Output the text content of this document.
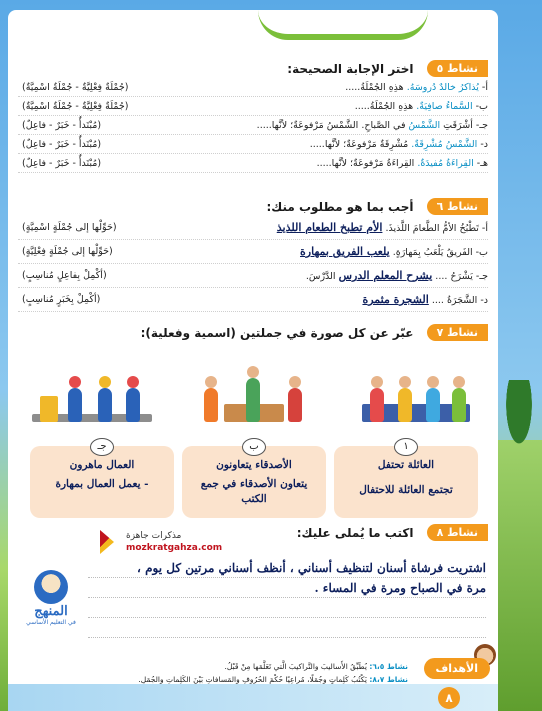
نشاط ٥ اختر الإجابة الصحيحة:
أ- يُذاكرُ خالدٌ دُروسَهُ. هذِهِ الجُمْلَةُ.....
(جُمْلَةٌ فِعْلِيَّةٌ - جُمْلَةٌ اسْمِيَّةٌ)
ب- السَّماءُ صافِيَةٌ. هذِهِ الجُمْلَةُ.....
(جُمْلَةٌ فِعْلِيَّةٌ - جُمْلَةٌ اسْمِيَّةٌ)
جـ- أشْرَقَتِ الشَّمْسُ في الصَّباحِ. الشَّمْسُ مَرْفوعَةٌ؛ لأنَّها.....
(مُبْتَدأٌ - خَبَرٌ - فاعِلٌ)
د- الشَّمْسُ مُشْرِقَةٌ. مُشْرِقَةٌ مَرْفوعَةٌ؛ لأنَّها.....
(مُبْتَدأٌ - خَبَرٌ - فاعِلٌ)
هـ- القِراءَةُ مُفيدَةٌ. القِراءَةُ مَرْفوعَةٌ؛ لأنَّها.....
(مُبْتَدأٌ - خَبَرٌ - فاعِلٌ)
نشاط ٦ أجب بما هو مطلوب منك:
أ- تَطْبُخُ الأمُّ الطَّعامَ اللَّذيذَ. الأم تطبخ الطعام اللذيذ
(حَوِّلْها إلى جُمْلَةٍ اسْمِيَّةٍ)
ب- الفَريقُ يَلْعَبُ بِمَهارَةٍ. يلعب الفريق بمهارة
(حَوِّلْها إلى جُمْلَةٍ فِعْلِيَّةٍ)
جـ- يَشْرَحُ .... يشرح المعلم الدرس الدَّرْسَ.
(أكْمِلْ بِفاعِلٍ مُناسِبٍ)
د- الشَّجَرَةُ .... الشجرة مثمرة
(أكْمِلْ بِخَبَرٍ مُناسِبٍ)
نشاط ٧ عبّر عن كل صورة في جملتين (اسمية وفعلية):
١
العائلة تحتفل
تجتمع العائلة للاحتفال
ب
الأصدقاء يتعاونون
يتعاون الأصدقاء في جمع الكتب
جـ
العمال ماهرون
- يعمل العمال بمهارة
نشاط ٨ اكتب ما يُملى عليك:
مذكرات جاهزة
mozkratgahza.com
المنهج
في التعليم الأساسي
اشتريت فرشاة أسنان لتنظيف أسناني ، أنظف أسناني مرتين كل يوم ،
مرة في الصباح ومرة في المساء .
الأهداف
نشاط ٦،٥: يُطَبِّقُ الأَساليبَ والتَّراكيبَ الَّتي تَعَلَّمَها مِنْ قَبْلُ.
نشاط ٨،٧: يَكْتُبُ كَلِماتٍ وجُمَلًا، مُراعِيًا حُكْمَ الحُرُوفِ والمَسافاتِ بَيْنَ الكَلِماتِ والجُمَلِ.
٨
